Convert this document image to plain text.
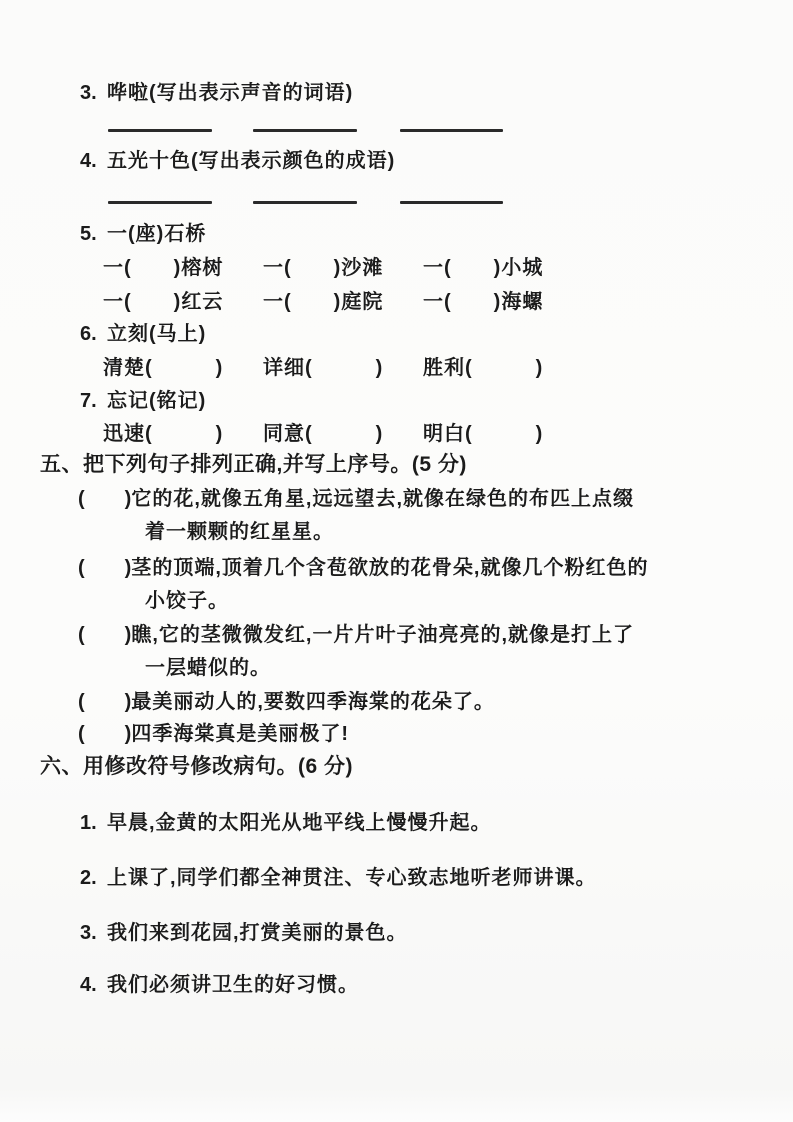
3. 哗啦(写出表示声音的词语)
4. 五光十色(写出表示颜色的成语)
5. 一(座)石桥
一(　　)榕树 一(　　)沙滩 一(　　)小城
一(　　)红云 一(　　)庭院 一(　　)海螺
6. 立刻(马上)
清楚(　　　) 详细(　　　) 胜利(　　　)
7. 忘记(铭记)
迅速(　　　) 同意(　　　) 明白(　　　)
五、把下列句子排列正确,并写上序号。(5 分)
(　　)它的花,就像五角星,远远望去,就像在绿色的布匹上点缀
着一颗颗的红星星。
(　　)茎的顶端,顶着几个含苞欲放的花骨朵,就像几个粉红色的
小饺子。
(　　)瞧,它的茎微微发红,一片片叶子油亮亮的,就像是打上了
一层蜡似的。
(　　)最美丽动人的,要数四季海棠的花朵了。
(　　)四季海棠真是美丽极了!
六、用修改符号修改病句。(6 分)
1. 早晨,金黄的太阳光从地平线上慢慢升起。
2. 上课了,同学们都全神贯注、专心致志地听老师讲课。
3. 我们来到花园,打赏美丽的景色。
4. 我们必须讲卫生的好习惯。
